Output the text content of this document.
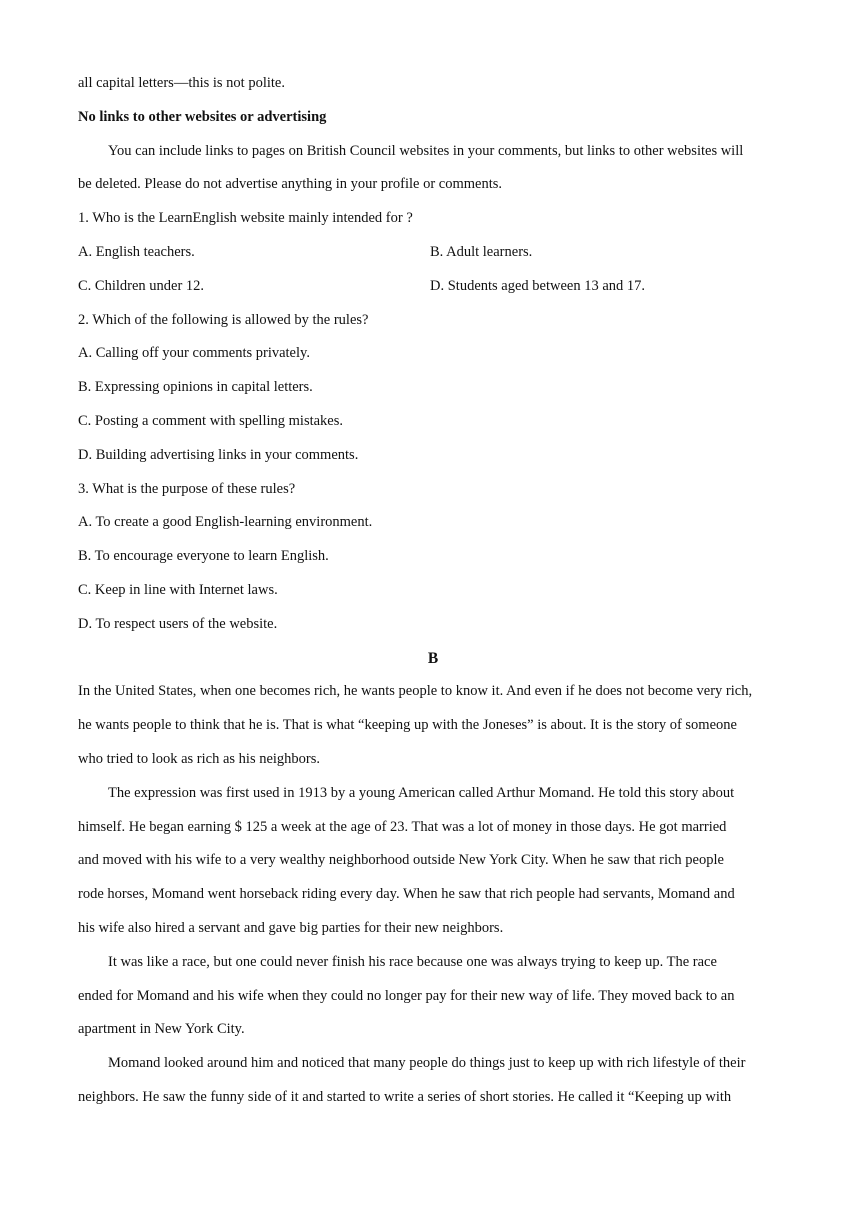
all capital letters—this is not polite.
No links to other websites or advertising
You can include links to pages on British Council websites in your comments, but links to other websites will
be deleted. Please do not advertise anything in your profile or comments.
1. Who is the LearnEnglish website mainly intended for ?
A. English teachers.	B. Adult learners.
C. Children under 12.	D. Students aged between 13 and 17.
2. Which of the following is allowed by the rules?
A. Calling off your comments privately.
B. Expressing opinions in capital letters.
C. Posting a comment with spelling mistakes.
D. Building advertising links in your comments.
3. What is the purpose of these rules?
A. To create a good English-learning environment.
B. To encourage everyone to learn English.
C. Keep in line with Internet laws.
D. To respect users of the website.
B
In the United States, when one becomes rich, he wants people to know it. And even if he does not become very rich,
he wants people to think that he is. That is what “keeping up with the Joneses” is about. It is the story of someone
who tried to look as rich as his neighbors.
The expression was first used in 1913 by a young American called Arthur Momand. He told this story about
himself. He began earning $ 125 a week at the age of 23. That was a lot of money in those days. He got married
and moved with his wife to a very wealthy neighborhood outside New York City. When he saw that rich people
rode horses, Momand went horseback riding every day. When he saw that rich people had servants, Momand and
his wife also hired a servant and gave big parties for their new neighbors.
It was like a race, but one could never finish his race because one was always trying to keep up. The race
ended for Momand and his wife when they could no longer pay for their new way of life. They moved back to an
apartment in New York City.
Momand looked around him and noticed that many people do things just to keep up with rich lifestyle of their
neighbors. He saw the funny side of it and started to write a series of short stories. He called it “Keeping up with
